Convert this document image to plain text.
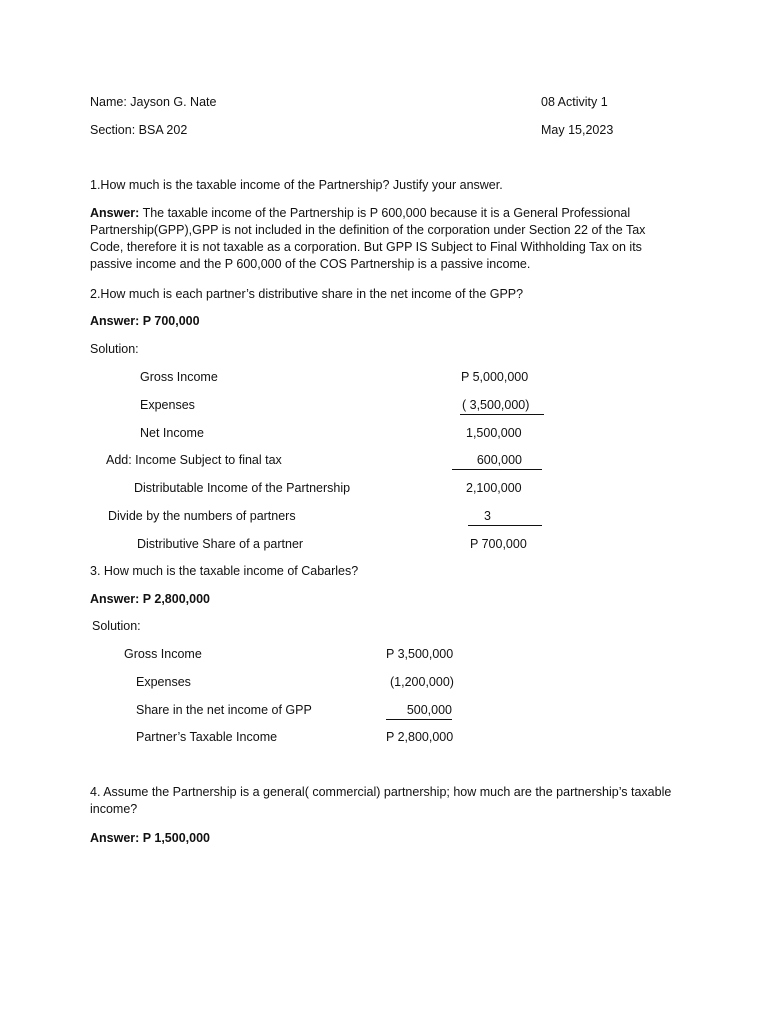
Name: Jayson G. Nate	08 Activity 1
Section: BSA 202	May 15,2023
1.How much is the taxable income of the Partnership? Justify your answer.
Answer: The taxable income of the Partnership is P 600,000 because it is a General Professional Partnership(GPP),GPP is not included in the definition of the corporation under Section 22 of the Tax Code, therefore it is not taxable as a corporation. But GPP IS Subject to Final Withholding Tax on its passive income and the P 600,000 of the COS Partnership is a passive income.
2.How much is each partner’s distributive share in the net income of the GPP?
Answer: P 700,000
Solution:
Gross Income	P 5,000,000
Expenses	( 3,500,000)
Net Income	1,500,000
Add: Income Subject to final tax	600,000
Distributable Income of the Partnership	2,100,000
Divide by the numbers of partners	3
Distributive Share of a partner	P 700,000
3. How much is the taxable income of Cabarles?
Answer: P 2,800,000
Solution:
Gross Income	P 3,500,000
Expenses	(1,200,000)
Share in the net income of GPP	500,000
Partner’s Taxable Income	P 2,800,000
4. Assume the Partnership is a general( commercial) partnership; how much are the partnership’s taxable income?
Answer: P 1,500,000
